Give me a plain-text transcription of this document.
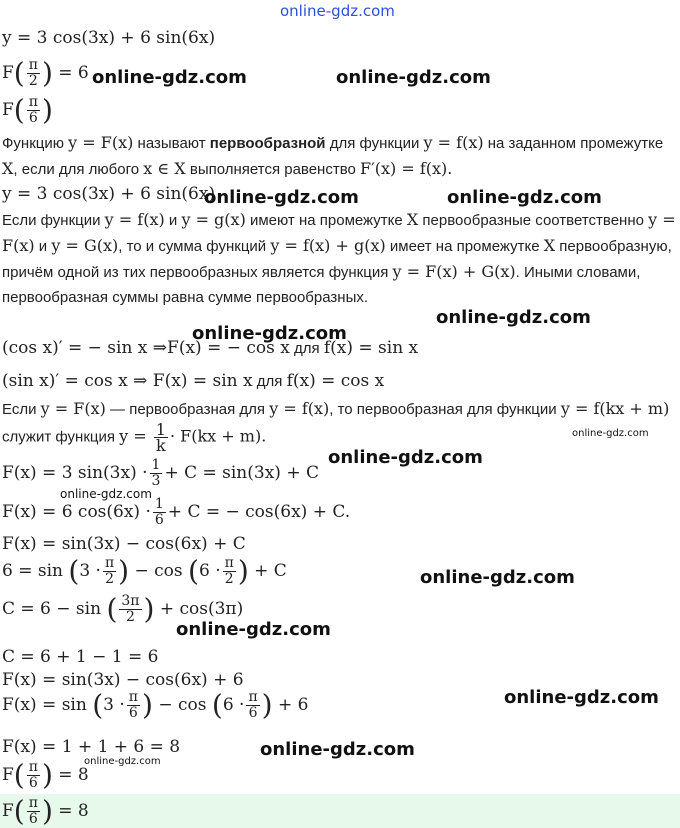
online-gdz.com
y = 3 cos(3x) + 6 sin(6x)
$F( \frac{\pi}{2}$ ) = 6
$F( \frac{\pi}{6}$ )
Функцию y = F(x) называют первообразной для функции y = f(x) на заданном промежутке X, если для любого x ∈ X выполняется равенство F′(x) = f(x).
y = 3 cos(3x) + 6 sin(6x)
Если функции y = f(x) и y = g(x) имеют на промежутке X первообразные соответственно y = F(x) и y = G(x), то и сумма функций y = f(x) + g(x) имеет на промежутке X первообразную, причём одной из тих первообразных является функция y = F(x) + G(x). Иными словами, первообразная суммы равна сумме первообразных.
(cos x)′ = − sin x ⇒F(x) = − cos x для f(x) = sin x
(sin x)′ = cos x ⇒ F(x) = sin x для f(x) = cos x
Если y = F(x) — первообразная для y = f(x), то первообразная для функции y = f(kx + m) служит функция $y = \frac{1}{k} \cdot F(kx + m)$.
F(x) = 3 $\sin(3x) \cdot \frac{1}{3} + C = \sin(3x) + C$
F(x) = 6 $\cos(6x) \cdot \frac{1}{6} + C$ = − cos(6x) + C.
F(x) = sin(3x) − cos(6x) + C
$6 = \sin (3 \cdot \frac{\pi}{2}$ ) − $\cos (6 \cdot \frac{\pi}{2}$ ) + C
C = 6 − sin ( $\frac{3\pi}{2}$ ) + cos(3π)
C = 6 + 1 − 1 = 6
F(x) = sin(3x) − cos(6x) + 6
$F(x) = \sin (3 \cdot \frac{\pi}{6}$ ) − $\cos (6 \cdot \frac{\pi}{6}$ ) + 6
F(x) = 1 + 1 + 6 = 8
$F( \frac{\pi}{6}$ ) = 8
$F( \frac{\pi}{6}$ ) = 8
online-gdz.com	online-gdz.com
online-gdz.com	online-gdz.com
online-gdz.com
online-gdz.com
online-gdz.com
online-gdz.com
online-gdz.com
online-gdz.com
online-gdz.com
online-gdz.com
online-gdz.com
online-gdz.com
